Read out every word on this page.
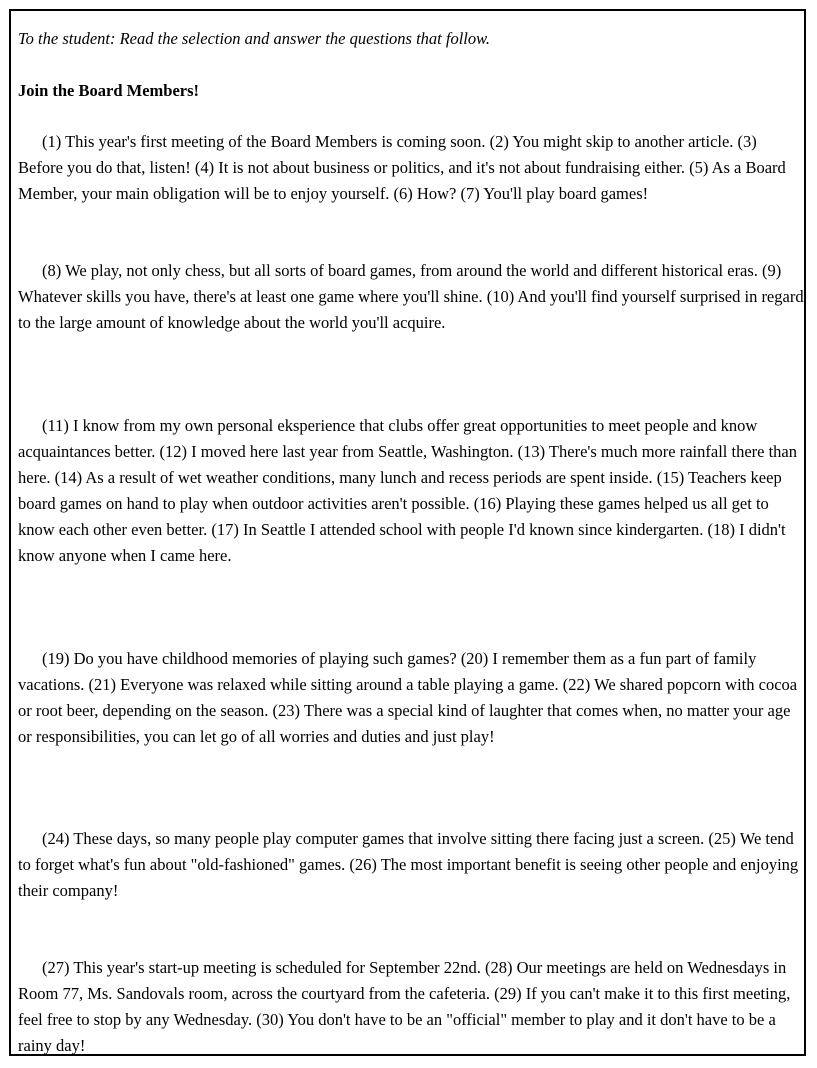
To the student: Read the selection and answer the questions that follow.

Join the Board Members!

(1) This year's first meeting of the Board Members is coming soon. (2) You might skip to another article. (3) Before you do that, listen! (4) It is not about business or politics, and it's not about fundraising either. (5) As a Board Member, your main obligation will be to enjoy yourself. (6) How? (7) You'll play board games!

(8) We play, not only chess, but all sorts of board games, from around the world and different historical eras. (9) Whatever skills you have, there's at least one game where you'll shine. (10) And you'll find yourself surprised in regard to the large amount of knowledge about the world you'll acquire.

(11) I know from my own personal eksperience that clubs offer great opportunities to meet people and know acquaintances better. (12) I moved here last year from Seattle, Washington. (13) There's much more rainfall there than here. (14) As a result of wet weather conditions, many lunch and recess periods are spent inside. (15) Teachers keep board games on hand to play when outdoor activities aren't possible. (16) Playing these games helped us all get to know each other even better. (17) In Seattle I attended school with people I'd known since kindergarten. (18) I didn't know anyone when I came here.

(19) Do you have childhood memories of playing such games? (20) I remember them as a fun part of family vacations. (21) Everyone was relaxed while sitting around a table playing a game. (22) We shared popcorn with cocoa or root beer, depending on the season. (23) There was a special kind of laughter that comes when, no matter your age or responsibilities, you can let go of all worries and duties and just play!

(24) These days, so many people play computer games that involve sitting there facing just a screen. (25) We tend to forget what's fun about "old-fashioned" games. (26) The most important benefit is seeing other people and enjoying their company!

(27) This year's start-up meeting is scheduled for September 22nd. (28) Our meetings are held on Wednesdays in Room 77, Ms. Sandovals room, across the courtyard from the cafeteria. (29) If you can't make it to this first meeting, feel free to stop by any Wednesday. (30) You don't have to be an "official" member to play and it don't have to be a rainy day!
